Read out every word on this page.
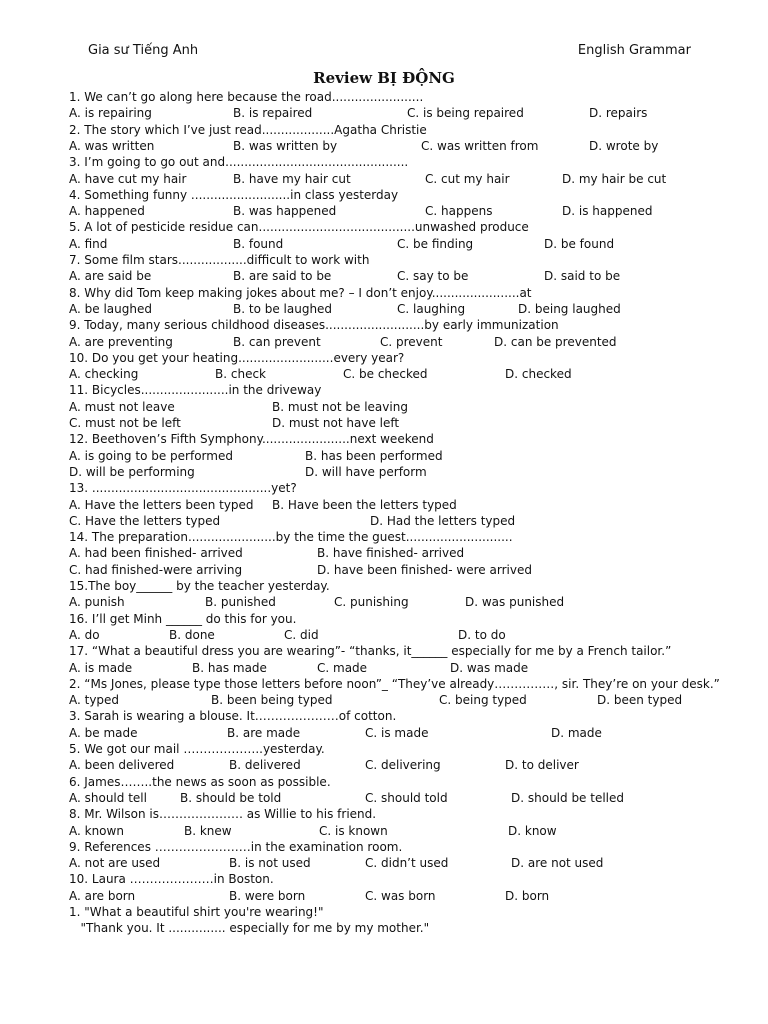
Gia sư Tiếng Anh	English Grammar
Review BỊ ĐỘNG
1. We can’t go along here because the road........................
A. is repairing	B. is repaired	C. is being repaired	D. repairs
2. The story which I’ve just read...................Agatha Christie
A. was written	B. was written by	C. was written from	D. wrote by
3. I’m going to go out and................................................
A. have cut my hair	B. have my hair cut	C. cut my hair	D. my hair be cut
4. Something funny ..........................in class yesterday
A. happened	B. was happened	C. happens	D. is happened
5. A lot of pesticide residue can.........................................unwashed produce
A. find	B. found	C. be finding	D. be found
7. Some film stars..................difficult to work with
A. are said be	B. are said to be	C. say to be	D. said to be
8. Why did Tom keep making jokes about me? – I don’t enjoy.......................at
A. be laughed	B. to be laughed	C. laughing	D. being laughed
9. Today, many serious childhood diseases..........................by early immunization
A. are preventing	B. can prevent	C. prevent	D. can be prevented
10. Do you get your heating.........................every year?
A. checking	B. check	C. be checked	D. checked
11. Bicycles.......................in the driveway
A. must not leave	B. must not be leaving
C. must not be left	D. must not have left
12. Beethoven’s Fifth Symphony.......................next weekend
A. is going to be performed	B. has been performed
D. will be performing	D. will have perform
13. ...............................................yet?
A. Have the letters been typed B. Have been the letters typed
C. Have the letters typed	D. Had the letters typed
14. The preparation.......................by the time the guest............................
A. had been finished- arrived	B. have finished- arrived
C. had finished-were arriving	D. have been finished- were arrived
15.The boy______ by the teacher yesterday.
A. punish	B. punished	C. punishing	D. was punished
16. I’ll get Minh ______ do this for you.
A. do	B. done	C. did	D. to do
17. “What a beautiful dress you are wearing”- “thanks, it______ especially for me by a French tailor.”
A. is made	B. has made	C. made	D. was made
2. “Ms Jones, please type those letters before noon”_ “They’ve already……………, sir. They’re on your desk.”
A. typed	B. been being typed	C. being typed	D. been typed
3. Sarah is wearing a blouse. It…………………of cotton.
A. be made	B. are made	C. is made	D. made
5. We got our mail ………………..yesterday.
A. been delivered	B. delivered	C. delivering	D. to deliver
6. James……..the news as soon as possible.
A. should tell	B. should be told	C. should told	D. should be telled
8. Mr. Wilson is………………… as Willie to his friend.
A. known	B. knew	C. is known	D. know
9. References ……………………in the examination room.
A. not are used	B. is not used	C. didn’t used	D. are not used
10. Laura …………………in Boston.
A. are born	B. were born	C. was born	D. born
1. "What a beautiful shirt you're wearing!"
"Thank you. It ............... especially for me by my mother."
